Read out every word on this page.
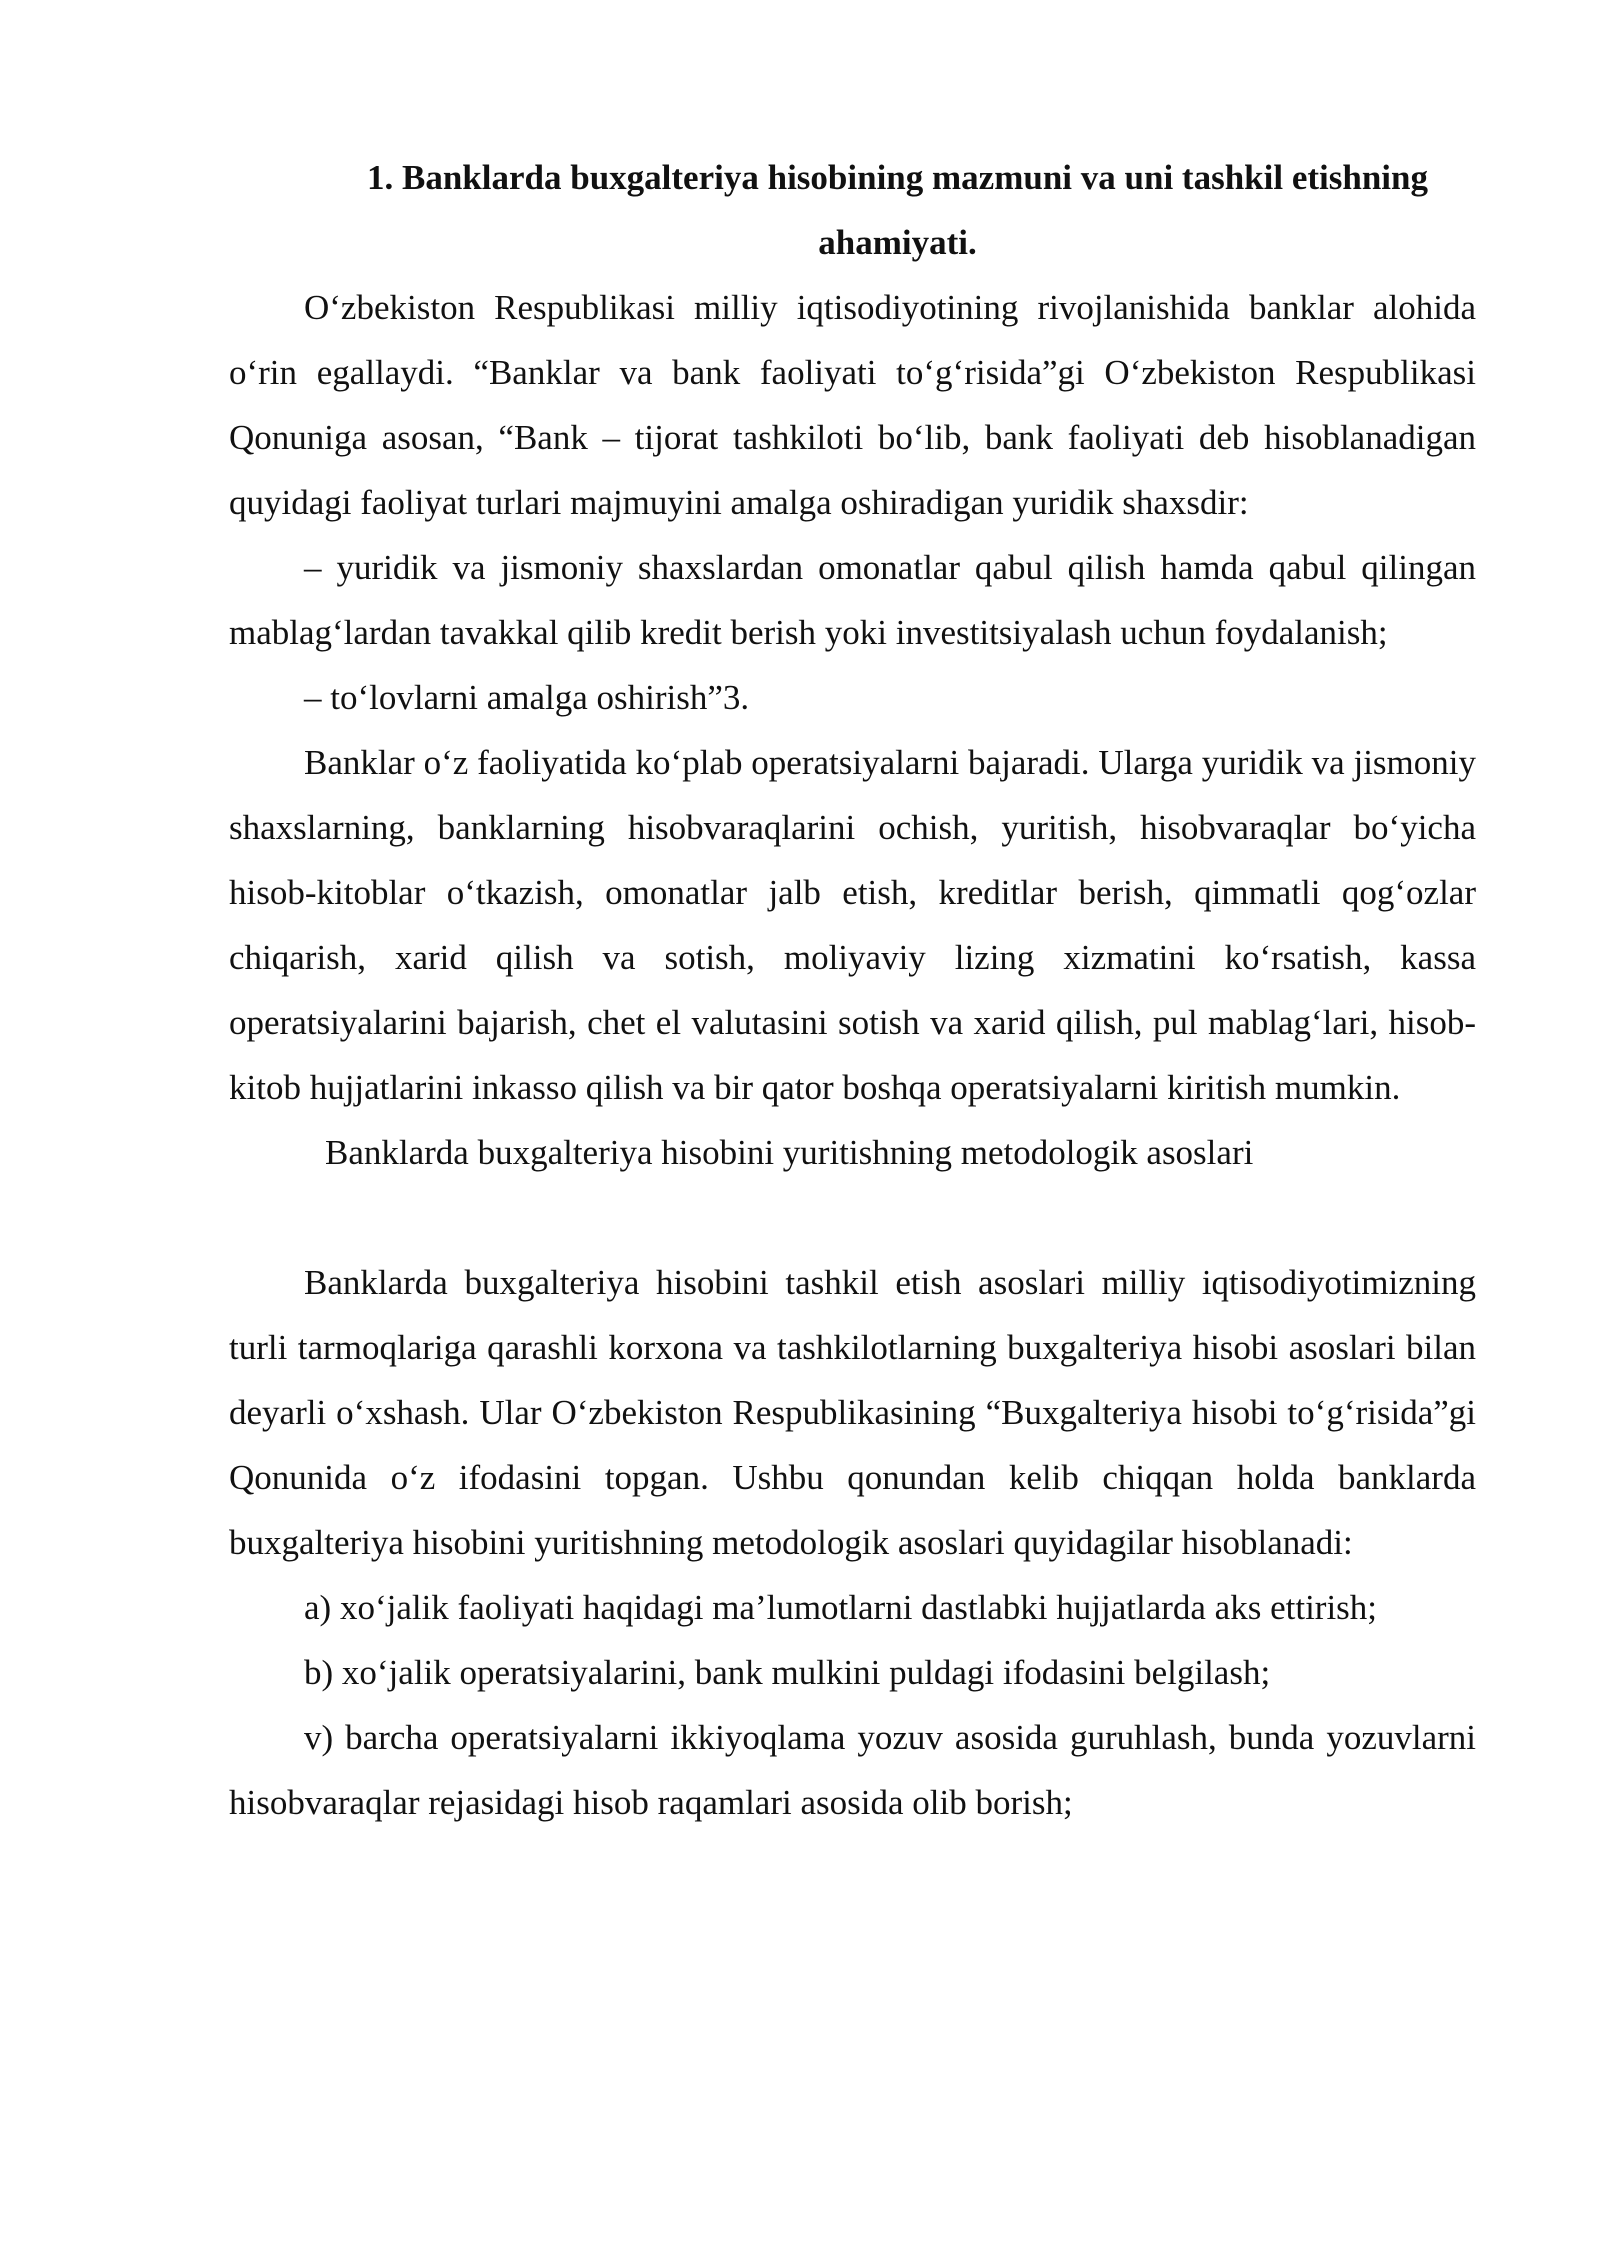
1. Banklarda buxgalteriya hisobining mazmuni va uni tashkil etishning
ahamiyati.

O‘zbekiston Respublikasi milliy iqtisodiyotining rivojlanishida banklar alohida o‘rin egallaydi. “Banklar va bank faoliyati to‘g‘risida”gi O‘zbekiston Respublikasi Qonuniga asosan, “Bank – tijorat tashkiloti bo‘lib, bank faoliyati deb hisoblanadigan quyidagi faoliyat turlari majmuyini amalga oshiradigan yuridik shaxsdir:

– yuridik va jismoniy shaxslardan omonatlar qabul qilish hamda qabul qilingan mablag‘lardan tavakkal qilib kredit berish yoki investitsiyalash uchun foydalanish;

– to‘lovlarni amalga oshirish”3.

Banklar o‘z faoliyatida ko‘plab operatsiyalarni bajaradi. Ularga yuridik va jismoniy shaxslarning, banklarning hisobvaraqlarini ochish, yuritish, hisobvaraqlar bo‘yicha hisob-kitoblar o‘tkazish, omonatlar jalb etish, kreditlar berish, qimmatli qog‘ozlar chiqarish, xarid qilish va sotish, moliyaviy lizing xizmatini ko‘rsatish, kassa operatsiyalarini bajarish, chet el valutasini sotish va xarid qilish, pul mablag‘lari, hisob-kitob hujjatlarini inkasso qilish va bir qator boshqa operatsiyalarni kiritish mumkin.

Banklarda buxgalteriya hisobini yuritishning metodologik asoslari

Banklarda buxgalteriya hisobini tashkil etish asoslari milliy iqtisodiyotimizning turli tarmoqlariga qarashli korxona va tashkilotlarning buxgalteriya hisobi asoslari bilan deyarli o‘xshash. Ular O‘zbekiston Respublikasining “Buxgalteriya hisobi to‘g‘risida”gi Qonunida o‘z ifodasini topgan. Ushbu qonundan kelib chiqqan holda banklarda buxgalteriya hisobini yuritishning metodologik asoslari quyidagilar hisoblanadi:

a) xo‘jalik faoliyati haqidagi ma’lumotlarni dastlabki hujjatlarda aks ettirish;

b) xo‘jalik operatsiyalarini, bank mulkini puldagi ifodasini belgilash;

v) barcha operatsiyalarni ikkiyoqlama yozuv asosida guruhlash, bunda yozuvlarni hisobvaraqlar rejasidagi hisob raqamlari asosida olib borish;
